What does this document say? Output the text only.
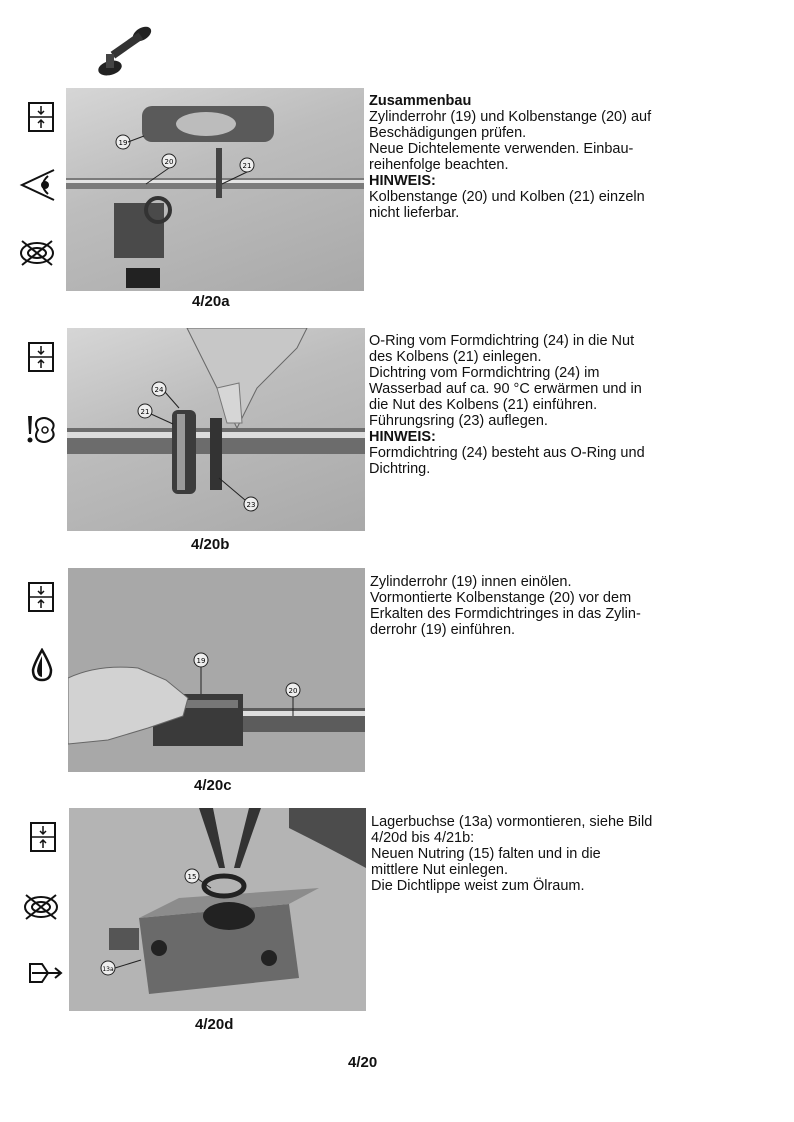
19
20	21
4/20a
Zusammenbau
Zylinderrohr (19) und Kolbenstange (20) auf
Beschädigungen prüfen.
Neue Dichtelemente verwenden. Einbau-
reihenfolge beachten.
HINWEIS:
Kolbenstange (20) und Kolben (21) einzeln
nicht lieferbar.
24
21
23
4/20b
O-Ring vom Formdichtring (24) in die Nut
des Kolbens (21) einlegen.
Dichtring vom Formdichtring (24) im
Wasserbad auf ca. 90 °C erwärmen und in
die Nut des Kolbens (21) einführen.
Führungsring (23) auflegen.
HINWEIS:
Formdichtring (24) besteht aus O-Ring und
Dichtring.
19
20
4/20c
Zylinderrohr (19) innen einölen.
Vormontierte Kolbenstange (20) vor dem
Erkalten des Formdichtringes in das Zylin-
derrohr (19) einführen.
15
13a
4/20d
Lagerbuchse (13a) vormontieren, siehe Bild
4/20d bis 4/21b:
Neuen Nutring (15) falten und in die
mittlere Nut einlegen.
Die Dichtlippe weist zum Ölraum.
4/20
